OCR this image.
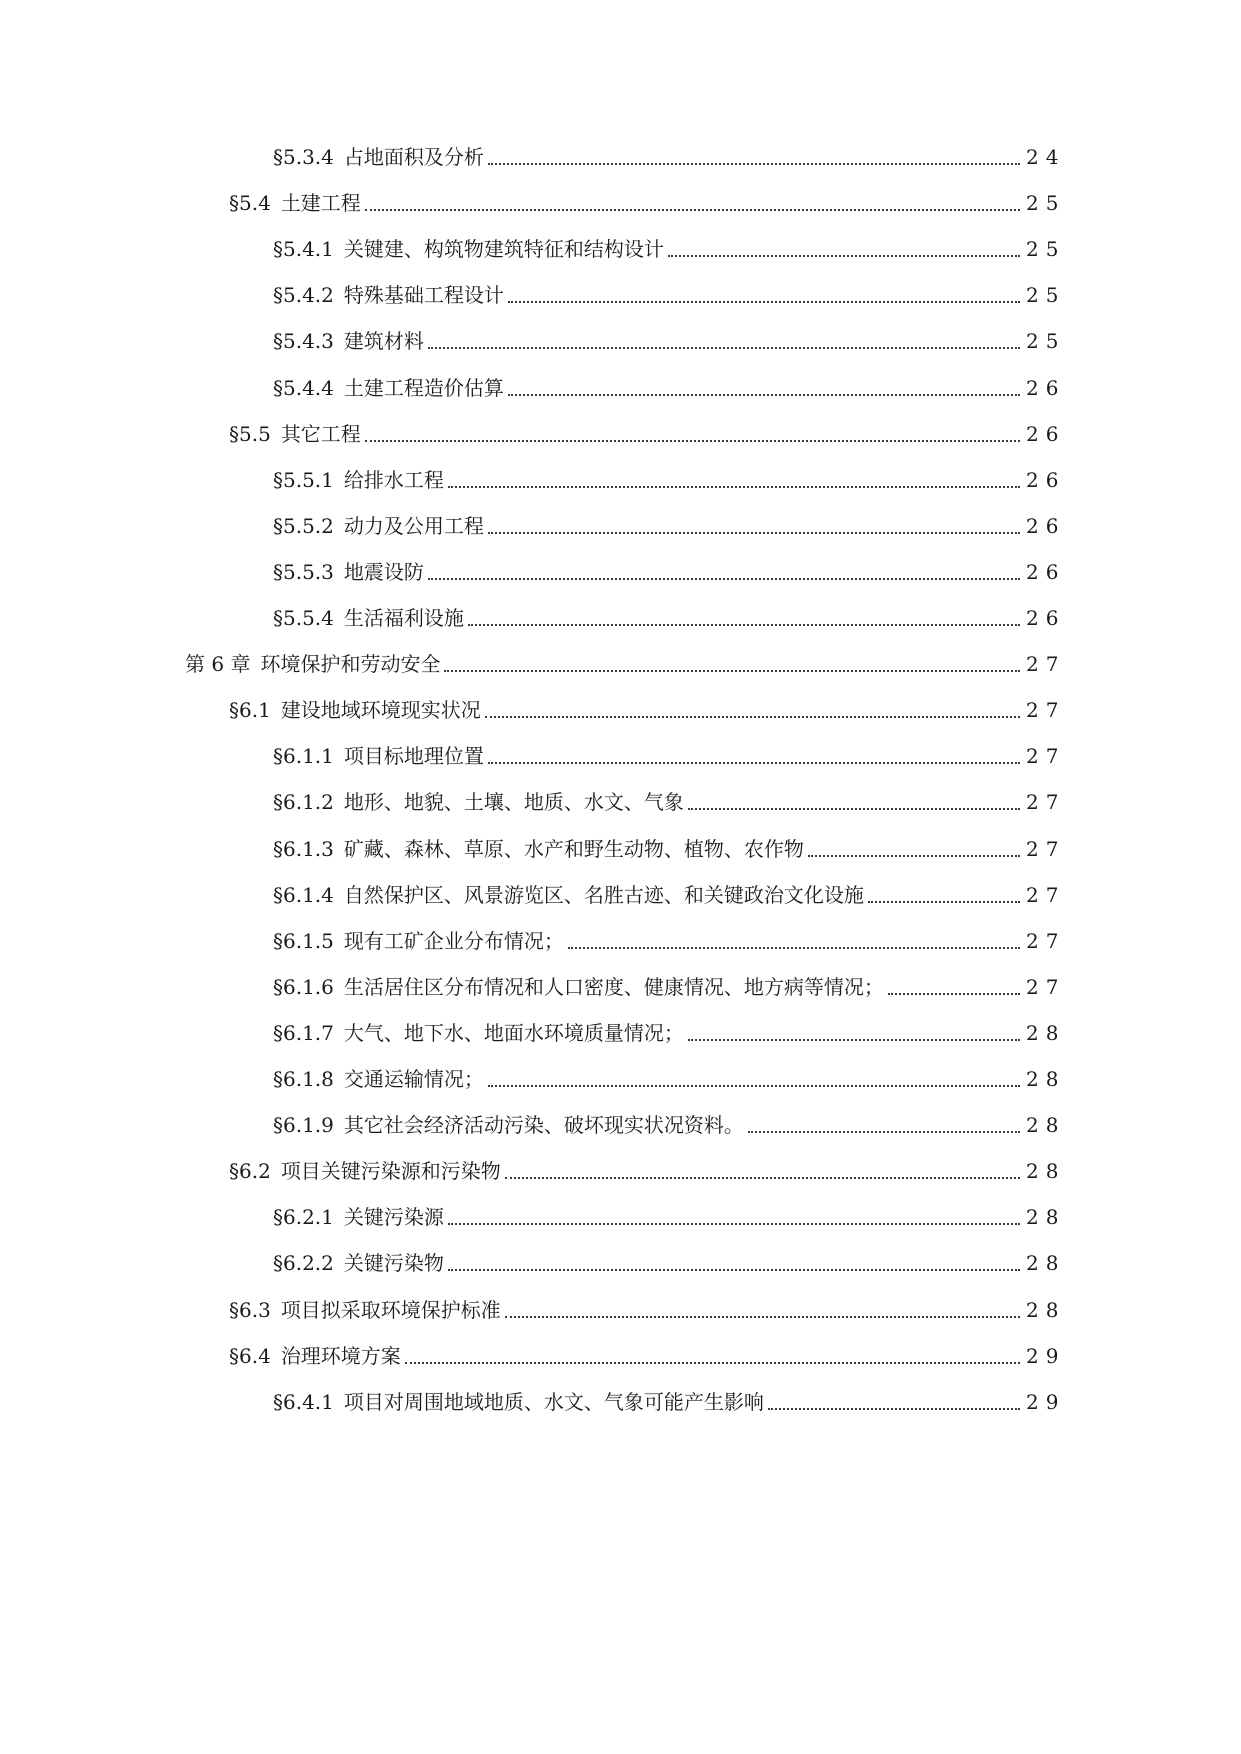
§5.3.4 占地面积及分析	24
§5.4 土建工程	25
§5.4.1 关键建、构筑物建筑特征和结构设计	25
§5.4.2 特殊基础工程设计	25
§5.4.3 建筑材料	25
§5.4.4 土建工程造价估算	26
§5.5 其它工程	26
§5.5.1 给排水工程	26
§5.5.2 动力及公用工程	26
§5.5.3 地震设防	26
§5.5.4 生活福利设施	26
第 6 章 环境保护和劳动安全	27
§6.1 建设地域环境现实状况	27
§6.1.1 项目标地理位置	27
§6.1.2 地形、地貌、土壤、地质、水文、气象	27
§6.1.3 矿藏、森林、草原、水产和野生动物、植物、农作物	27
§6.1.4 自然保护区、风景游览区、名胜古迹、和关键政治文化设施	27
§6.1.5 现有工矿企业分布情况；	27
§6.1.6 生活居住区分布情况和人口密度、健康情况、地方病等情况；	27
§6.1.7 大气、地下水、地面水环境质量情况；	28
§6.1.8 交通运输情况；	28
§6.1.9 其它社会经济活动污染、破坏现实状况资料。	28
§6.2 项目关键污染源和污染物	28
§6.2.1 关键污染源	28
§6.2.2 关键污染物	28
§6.3 项目拟采取环境保护标准	28
§6.4 治理环境方案	29
§6.4.1 项目对周围地域地质、水文、气象可能产生影响	29
